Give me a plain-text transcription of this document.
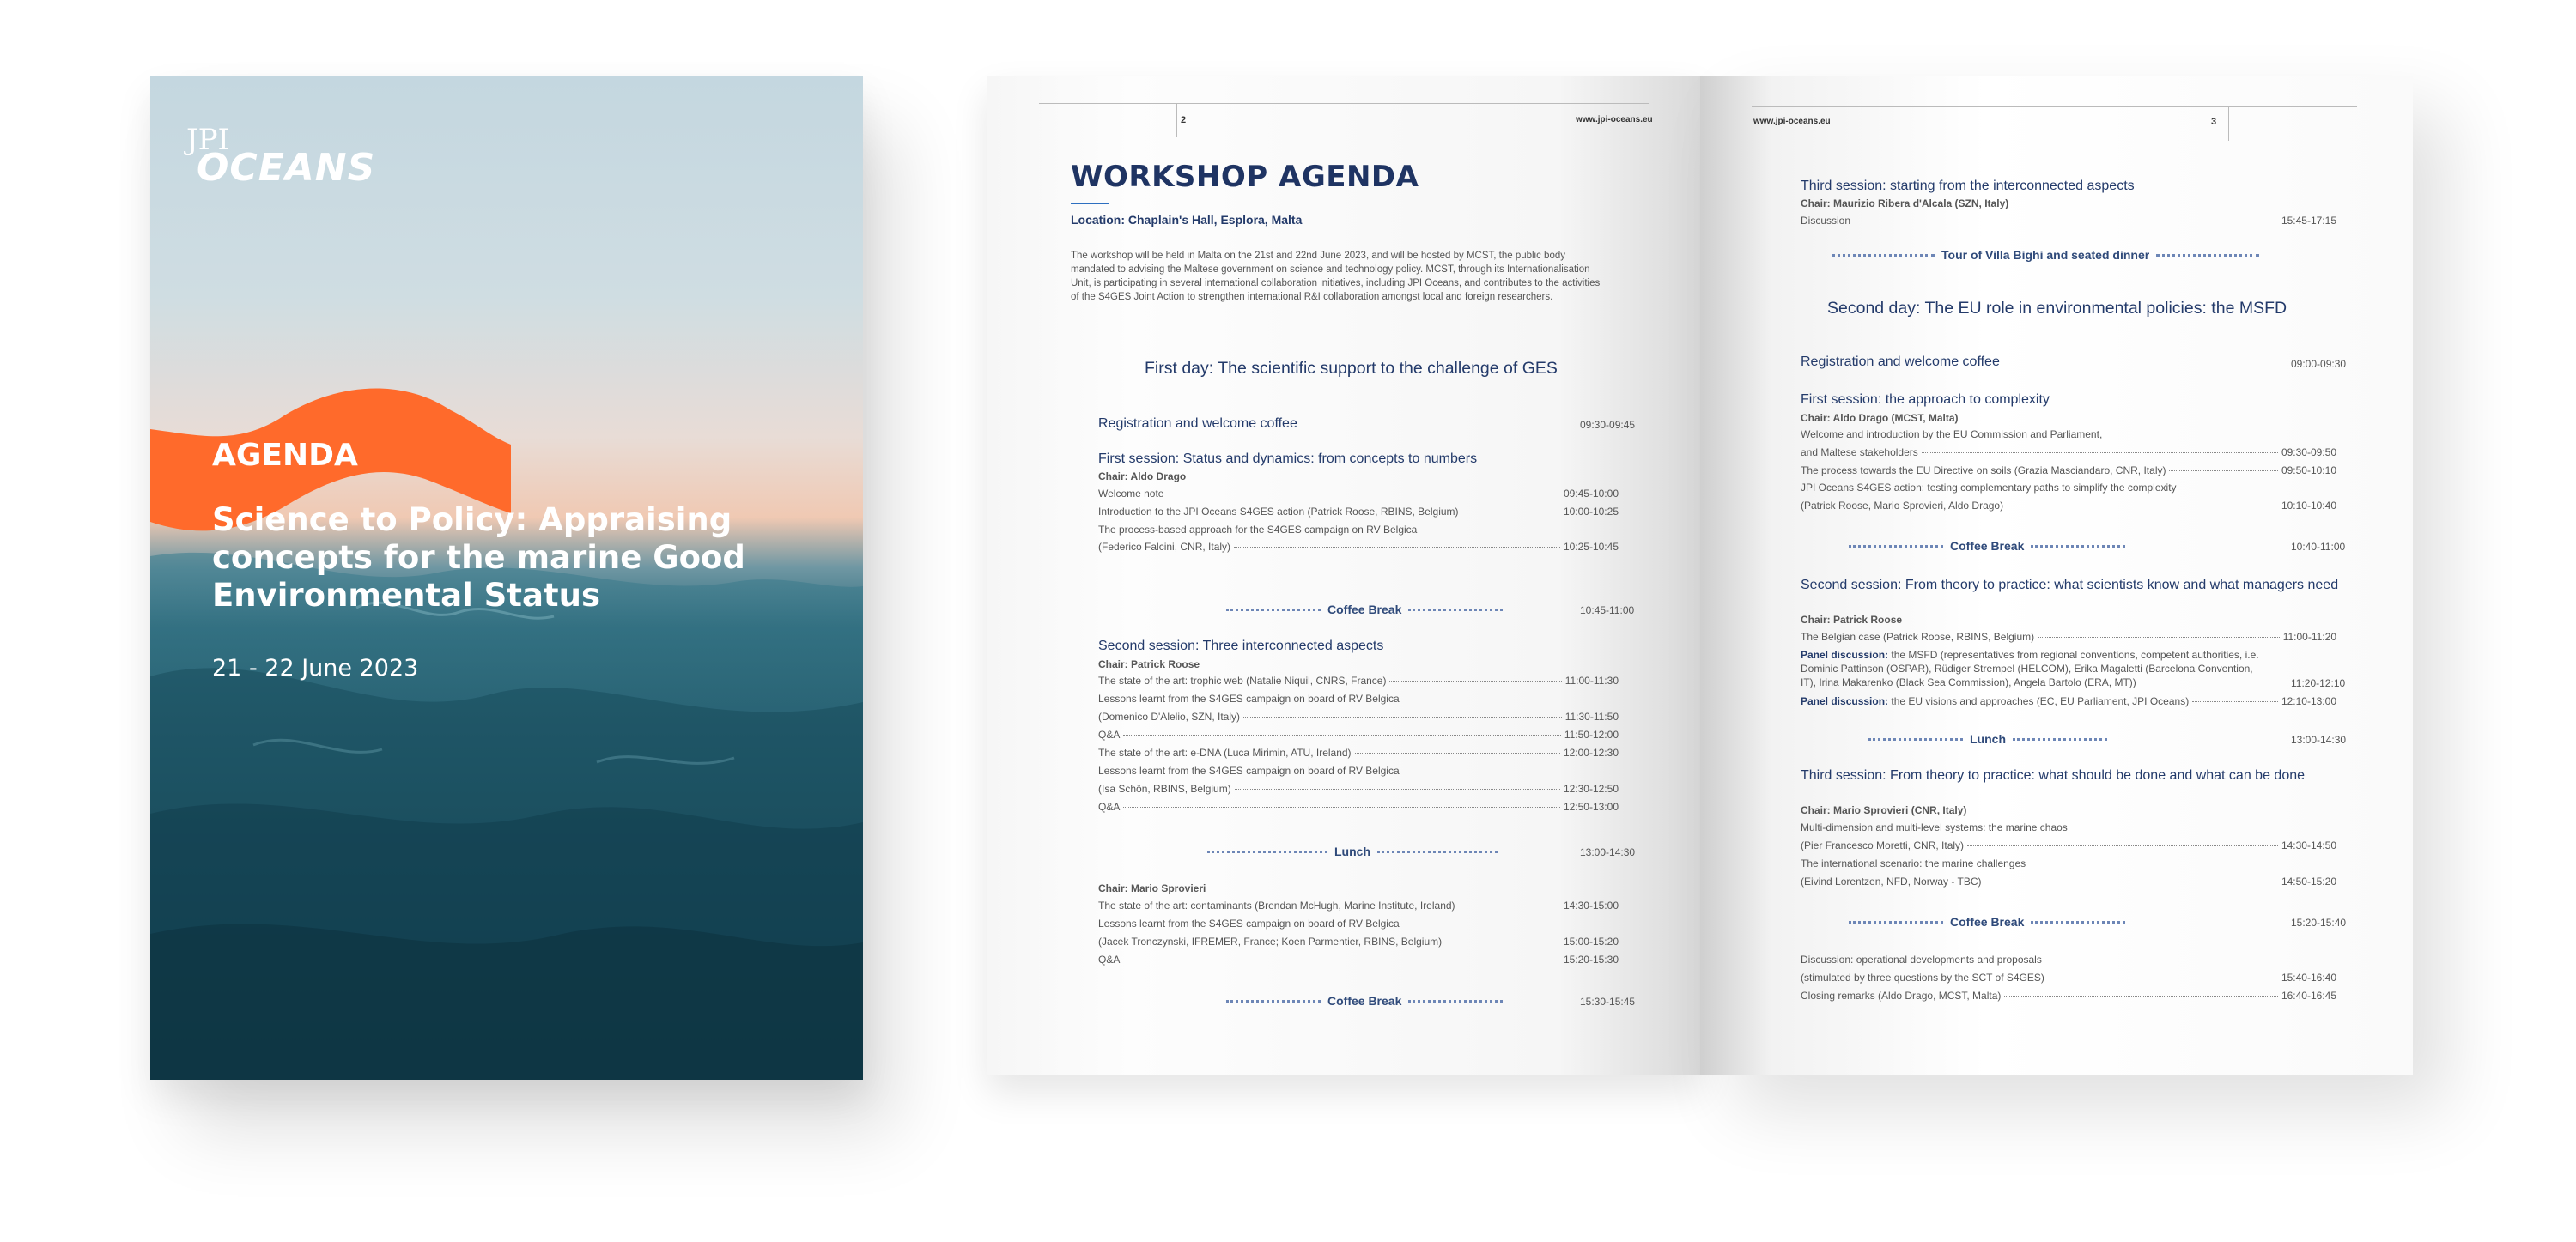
JPI
OCEANS
AGENDA
Science to Policy: Appraising concepts for the marine Good Environmental Status
21 - 22 June 2023
2	www.jpi-oceans.eu
WORKSHOP AGENDA
Location: Chaplain's Hall, Esplora, Malta
The workshop will be held in Malta on the 21st and 22nd June 2023, and will be hosted by MCST, the public body mandated to advising the Maltese government on science and technology policy. MCST, through its Internationalisation Unit, is participating in several international collaboration initiatives, including JPI Oceans, and contributes to the activities of the S4GES Joint Action to strengthen international R&I collaboration amongst local and foreign researchers.
First day: The scientific support to the challenge of GES
Registration and welcome coffee	09:30-09:45
First session: Status and dynamics: from concepts to numbers
Chair: Aldo Drago
Welcome note	09:45-10:00
Introduction to the JPI Oceans S4GES action (Patrick Roose, RBINS, Belgium)	10:00-10:25
The process-based approach for the S4GES campaign on RV Belgica
(Federico Falcini, CNR, Italy)	10:25-10:45
Coffee Break	10:45-11:00
Second session: Three interconnected aspects
Chair: Patrick Roose
The state of the art: trophic web (Natalie Niquil, CNRS, France)	11:00-11:30
Lessons learnt from the S4GES campaign on board of RV Belgica
(Domenico D'Alelio, SZN, Italy)	11:30-11:50
Q&A	11:50-12:00
The state of the art: e-DNA (Luca Mirimin, ATU, Ireland)	12:00-12:30
Lessons learnt from the S4GES campaign on board of RV Belgica
(Isa Schön, RBINS, Belgium)	12:30-12:50
Q&A	12:50-13:00
Lunch	13:00-14:30
Chair: Mario Sprovieri
The state of the art: contaminants (Brendan McHugh, Marine Institute, Ireland)	14:30-15:00
Lessons learnt from the S4GES campaign on board of RV Belgica
(Jacek Tronczynski, IFREMER, France; Koen Parmentier, RBINS, Belgium)	15:00-15:20
Q&A	15:20-15:30
Coffee Break	15:30-15:45
www.jpi-oceans.eu	3
Third session: starting from the interconnected aspects
Chair: Maurizio Ribera d'Alcala (SZN, Italy)
Discussion	15:45-17:15
Tour of Villa Bighi and seated dinner
Second day: The EU role in environmental policies: the MSFD
Registration and welcome coffee	09:00-09:30
First session: the approach to complexity
Chair: Aldo Drago (MCST, Malta)
Welcome and introduction by the EU Commission and Parliament,
and Maltese stakeholders	09:30-09:50
The process towards the EU Directive on soils (Grazia Masciandaro, CNR, Italy)	09:50-10:10
JPI Oceans S4GES action: testing complementary paths to simplify the complexity
(Patrick Roose, Mario Sprovieri, Aldo Drago)	10:10-10:40
Coffee Break	10:40-11:00
Second session: From theory to practice: what scientists know and what managers need
Chair: Patrick Roose
The Belgian case (Patrick Roose, RBINS, Belgium)	11:00-11:20
Panel discussion: the MSFD (representatives from regional conventions, competent authorities, i.e. Dominic Pattinson (OSPAR), Rüdiger Strempel (HELCOM), Erika Magaletti (Barcelona Convention, IT), Irina Makarenko (Black Sea Commission), Angela Bartolo (ERA, MT))	11:20-12:10
Panel discussion: the EU visions and approaches (EC, EU Parliament, JPI Oceans)	12:10-13:00
Lunch	13:00-14:30
Third session: From theory to practice: what should be done and what can be done
Chair: Mario Sprovieri (CNR, Italy)
Multi-dimension and multi-level systems: the marine chaos
(Pier Francesco Moretti, CNR, Italy)	14:30-14:50
The international scenario: the marine challenges
(Eivind Lorentzen, NFD, Norway - TBC)	14:50-15:20
Coffee Break	15:20-15:40
Discussion: operational developments and proposals
(stimulated by three questions by the SCT of S4GES)	15:40-16:40
Closing remarks (Aldo Drago, MCST, Malta)	16:40-16:45
